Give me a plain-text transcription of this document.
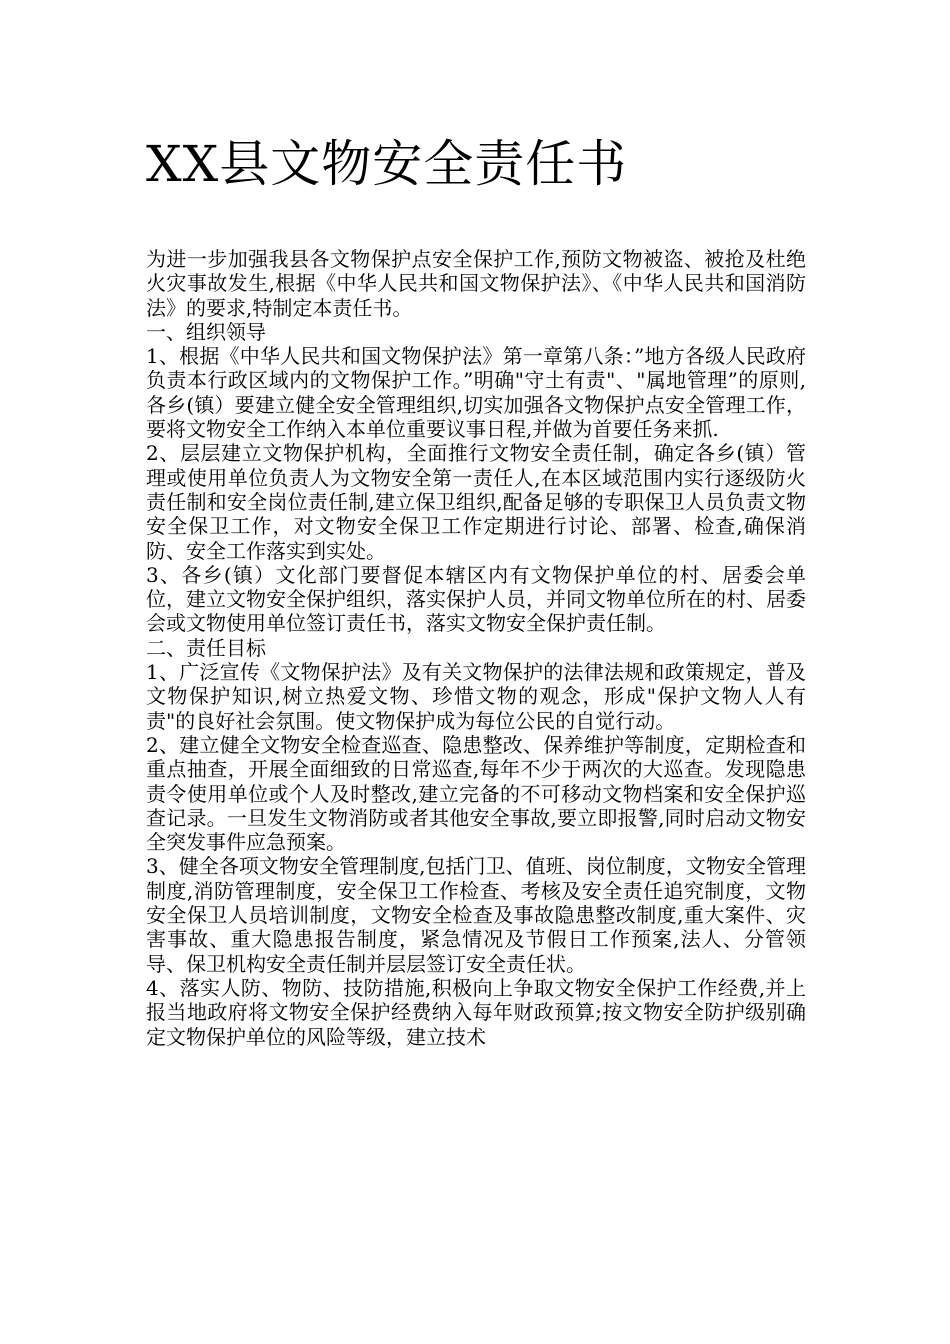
XX县文物安全责任书

为进一步加强我县各文物保护点安全保护工作,预防文物被盗、被抢及杜绝火灾事故发生,根据《中华人民共和国文物保护法》、《中华人民共和国消防法》的要求,特制定本责任书。

一、组织领导

1、根据《中华人民共和国文物保护法》第一章第八条：”地方各级人民政府负责本行政区域内的文物保护工作。”明确"守土有责"、"属地管理”的原则,各乡(镇）要建立健全安全管理组织,切实加强各文物保护点安全管理工作，要将文物安全工作纳入本单位重要议事日程,并做为首要任务来抓.

2、层层建立文物保护机构，全面推行文物安全责任制，确定各乡(镇）管理或使用单位负责人为文物安全第一责任人,在本区域范围内实行逐级防火责任制和安全岗位责任制,建立保卫组织,配备足够的专职保卫人员负责文物安全保卫工作，对文物安全保卫工作定期进行讨论、部署、检查,确保消防、安全工作落实到实处。

3、各乡(镇）文化部门要督促本辖区内有文物保护单位的村、居委会单位，建立文物安全保护组织，落实保护人员，并同文物单位所在的村、居委会或文物使用单位签订责任书，落实文物安全保护责任制。

二、责任目标

1、广泛宣传《文物保护法》及有关文物保护的法律法规和政策规定，普及文物保护知识,树立热爱文物、珍惜文物的观念，形成"保护文物人人有责"的良好社会氛围。使文物保护成为每位公民的自觉行动。

2、建立健全文物安全检查巡查、隐患整改、保养维护等制度，定期检查和重点抽查，开展全面细致的日常巡查,每年不少于两次的大巡查。发现隐患责令使用单位或个人及时整改,建立完备的不可移动文物档案和安全保护巡查记录。一旦发生文物消防或者其他安全事故,要立即报警,同时启动文物安全突发事件应急预案。

3、健全各项文物安全管理制度,包括门卫、值班、岗位制度，文物安全管理制度,消防管理制度，安全保卫工作检查、考核及安全责任追究制度，文物安全保卫人员培训制度，文物安全检查及事故隐患整改制度,重大案件、灾害事故、重大隐患报告制度，紧急情况及节假日工作预案,法人、分管领导、保卫机构安全责任制并层层签订安全责任状。

4、落实人防、物防、技防措施,积极向上争取文物安全保护工作经费,并上报当地政府将文物安全保护经费纳入每年财政预算;按文物安全防护级别确定文物保护单位的风险等级，建立技术
